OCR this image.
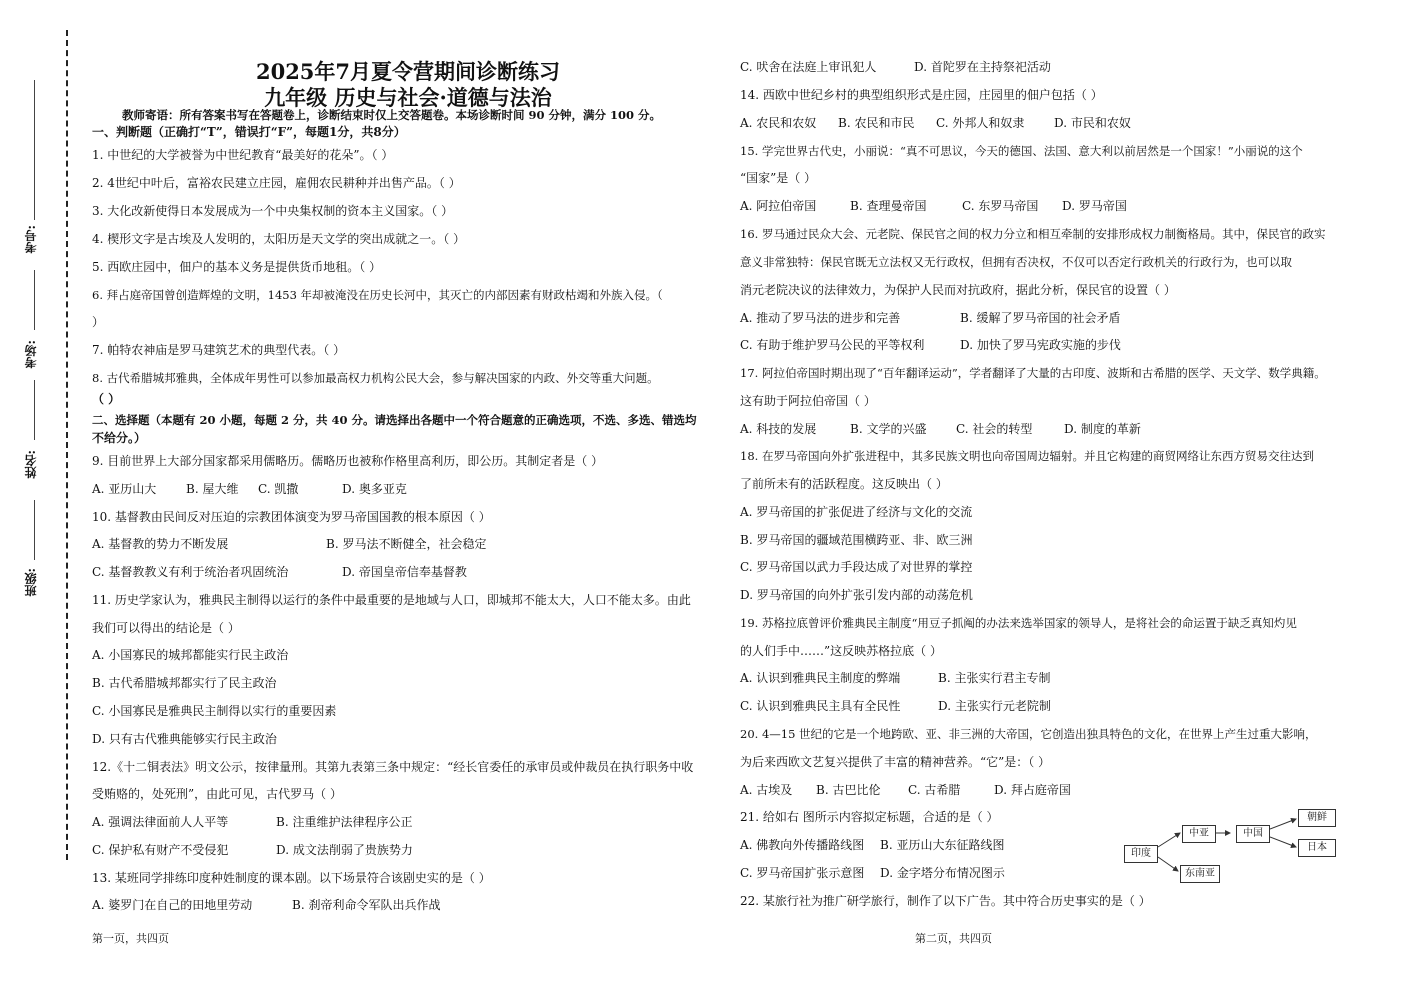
考号:
考场:
姓名:
班级:
2025年7月夏令营期间诊断练习
九年级 历史与社会·道德与法治
教师寄语：所有答案书写在答题卷上，诊断结束时仅上交答题卷。本场诊断时间 90 分钟，满分 100 分。
一、判断题（正确打“T”，错误打“F”，每题1分，共8分）
1. 中世纪的大学被誉为中世纪教育“最美好的花朵”。（ ）
2. 4世纪中叶后，富裕农民建立庄园，雇佣农民耕种并出售产品。（ ）
3. 大化改新使得日本发展成为一个中央集权制的资本主义国家。（ ）
4. 楔形文字是古埃及人发明的，太阳历是天文学的突出成就之一。（ ）
5. 西欧庄园中，佃户的基本义务是提供货币地租。（ ）
6. 拜占庭帝国曾创造辉煌的文明，1453 年却被淹没在历史长河中，其灭亡的内部因素有财政枯竭和外族入侵。（
）
7. 帕特农神庙是罗马建筑艺术的典型代表。（ ）
8. 古代希腊城邦雅典，全体成年男性可以参加最高权力机构公民大会，参与解决国家的内政、外交等重大问题。
（ ）
二、选择题（本题有 20 小题，每题 2 分，共 40 分。请选择出各题中一个符合题意的正确选项，不选、多选、错选均
不给分。）
9. 目前世界上大部分国家都采用儒略历。儒略历也被称作格里高利历，即公历。其制定者是（ ）
A. 亚历山大	B. 屋大维	C. 凯撒	D. 奥多亚克
10. 基督教由民间反对压迫的宗教团体演变为罗马帝国国教的根本原因（ ）
A. 基督教的势力不断发展	B. 罗马法不断健全，社会稳定
C. 基督教教义有利于统治者巩固统治	D. 帝国皇帝信奉基督教
11. 历史学家认为，雅典民主制得以运行的条件中最重要的是地域与人口，即城邦不能太大，人口不能太多。由此
我们可以得出的结论是（ ）
A. 小国寡民的城邦都能实行民主政治
B. 古代希腊城邦都实行了民主政治
C. 小国寡民是雅典民主制得以实行的重要因素
D. 只有古代雅典能够实行民主政治
12.《十二铜表法》明文公示，按律量刑。其第九表第三条中规定：“经长官委任的承审员或仲裁员在执行职务中收
受贿赂的，处死刑”，由此可见，古代罗马（ ）
A. 强调法律面前人人平等	B. 注重维护法律程序公正
C. 保护私有财产不受侵犯	D. 成文法削弱了贵族势力
13. 某班同学排练印度种姓制度的课本剧。以下场景符合该剧史实的是（ ）
A. 婆罗门在自己的田地里劳动	B. 刹帝利命令军队出兵作战
第一页，共四页
C. 吠舍在法庭上审讯犯人	D. 首陀罗在主持祭祀活动
14. 西欧中世纪乡村的典型组织形式是庄园，庄园里的佃户包括（ ）
A. 农民和农奴	B. 农民和市民	C. 外邦人和奴隶	D. 市民和农奴
15. 学完世界古代史，小丽说：“真不可思议，今天的德国、法国、意大利以前居然是一个国家！”小丽说的这个
“国家”是（ ）
A. 阿拉伯帝国	B. 查理曼帝国	C. 东罗马帝国	D. 罗马帝国
16. 罗马通过民众大会、元老院、保民官之间的权力分立和相互牵制的安排形成权力制衡格局。其中，保民官的政实
意义非常独特：保民官既无立法权又无行政权，但拥有否决权，不仅可以否定行政机关的行政行为，也可以取
消元老院决议的法律效力，为保护人民而对抗政府，据此分析，保民官的设置（ ）
A. 推动了罗马法的进步和完善	B. 缓解了罗马帝国的社会矛盾
C. 有助于维护罗马公民的平等权利	D. 加快了罗马宪政实施的步伐
17. 阿拉伯帝国时期出现了“百年翻译运动”，学者翻译了大量的古印度、波斯和古希腊的医学、天文学、数学典籍。
这有助于阿拉伯帝国（ ）
A. 科技的发展	B. 文学的兴盛	C. 社会的转型	D. 制度的革新
18. 在罗马帝国向外扩张进程中，其多民族文明也向帝国周边辐射。并且它构建的商贸网络让东西方贸易交往达到
了前所未有的活跃程度。这反映出（ ）
A. 罗马帝国的扩张促进了经济与文化的交流
B. 罗马帝国的疆域范围横跨亚、非、欧三洲
C. 罗马帝国以武力手段达成了对世界的掌控
D. 罗马帝国的向外扩张引发内部的动荡危机
19. 苏格拉底曾评价雅典民主制度“用豆子抓阄的办法来选举国家的领导人，是将社会的命运置于缺乏真知灼见
的人们手中……”这反映苏格拉底（ ）
A. 认识到雅典民主制度的弊端	B. 主张实行君主专制
C. 认识到雅典民主具有全民性	D. 主张实行元老院制
20. 4—15 世纪的它是一个地跨欧、亚、非三洲的大帝国，它创造出独具特色的文化，在世界上产生过重大影响，
为后来西欧文艺复兴提供了丰富的精神营养。“它”是：（ ）
A. 古埃及	B. 古巴比伦	C. 古希腊	D. 拜占庭帝国
21. 给如右 图所示内容拟定标题，合适的是（ ）
A. 佛教向外传播路线图	B. 亚历山大东征路线图
C. 罗马帝国扩张示意图	D. 金字塔分布情况图示
22. 某旅行社为推广研学旅行，制作了以下广告。其中符合历史事实的是（ ）
第二页，共四页
印度
中亚	中国
朝鲜
日本
东南亚
